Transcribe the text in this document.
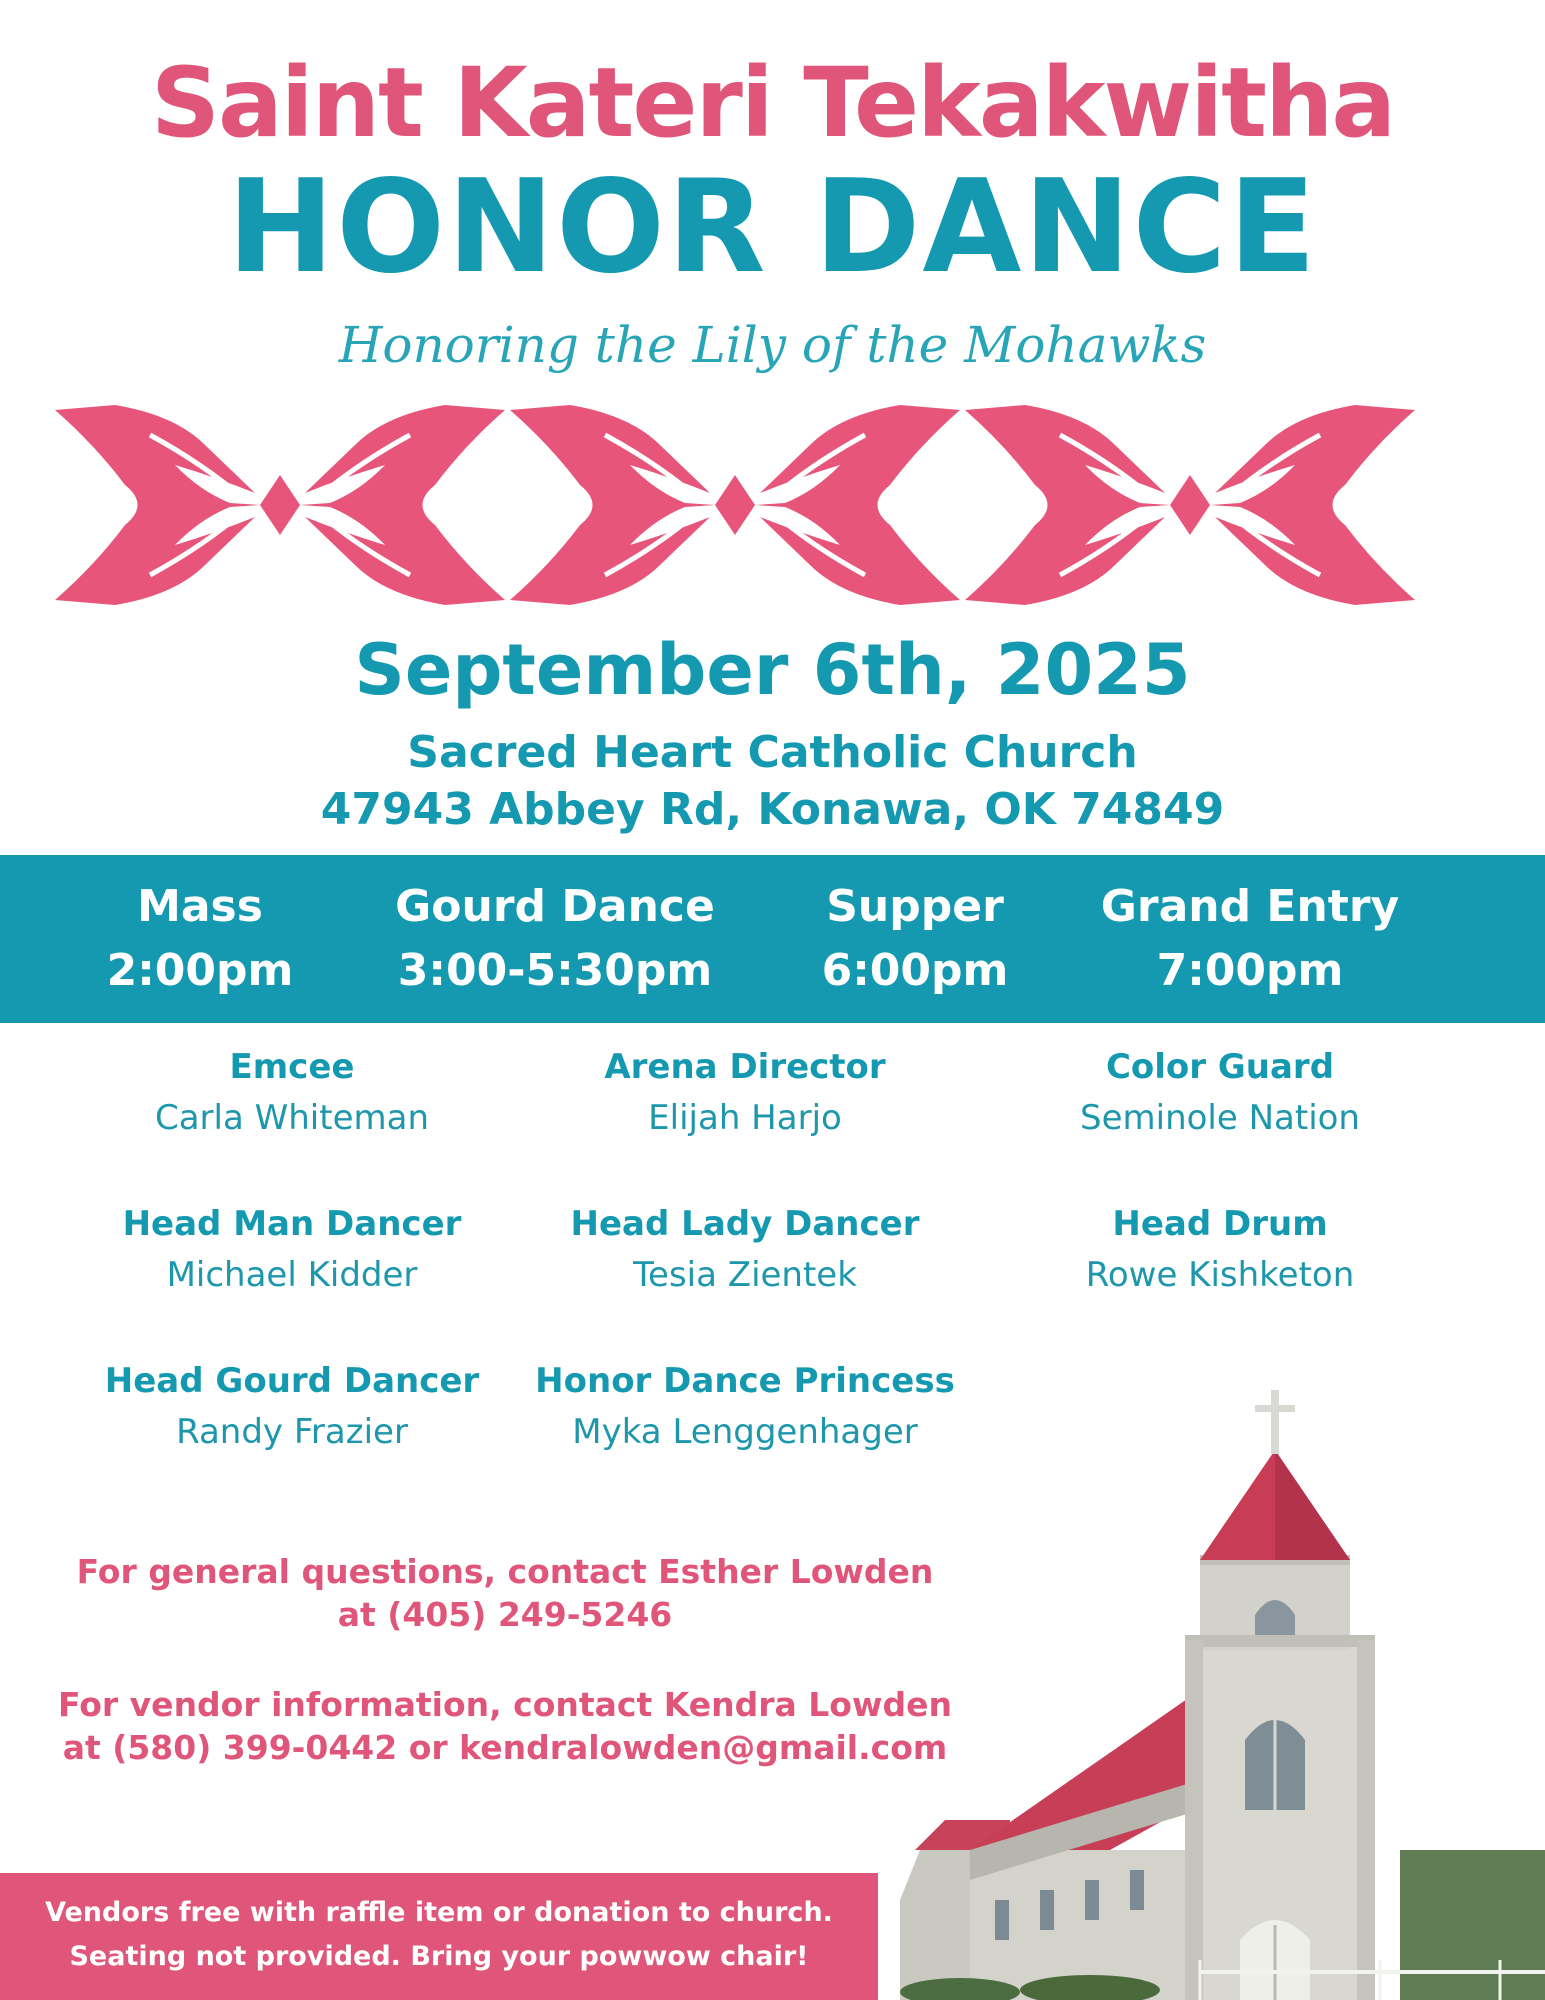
Saint Kateri Tekakwitha
HONOR DANCE
Honoring the Lily of the Mohawks
September 6th, 2025
Sacred Heart Catholic Church
47943 Abbey Rd, Konawa, OK 74849
Mass
2:00pm
Gourd Dance
3:00-5:30pm
Supper
6:00pm
Grand Entry
7:00pm
Emcee
Carla Whiteman
Arena Director
Elijah Harjo
Color Guard
Seminole Nation
Head Man Dancer
Michael Kidder
Head Lady Dancer
Tesia Zientek
Head Drum
Rowe Kishketon
Head Gourd Dancer
Randy Frazier
Honor Dance Princess
Myka Lenggenhager
For general questions, contact Esther Lowden
at (405) 249-5246
For vendor information, contact Kendra Lowden
at (580) 399-0442 or kendralowden@gmail.com
Vendors free with raffle item or donation to church.
Seating not provided. Bring your powwow chair!
